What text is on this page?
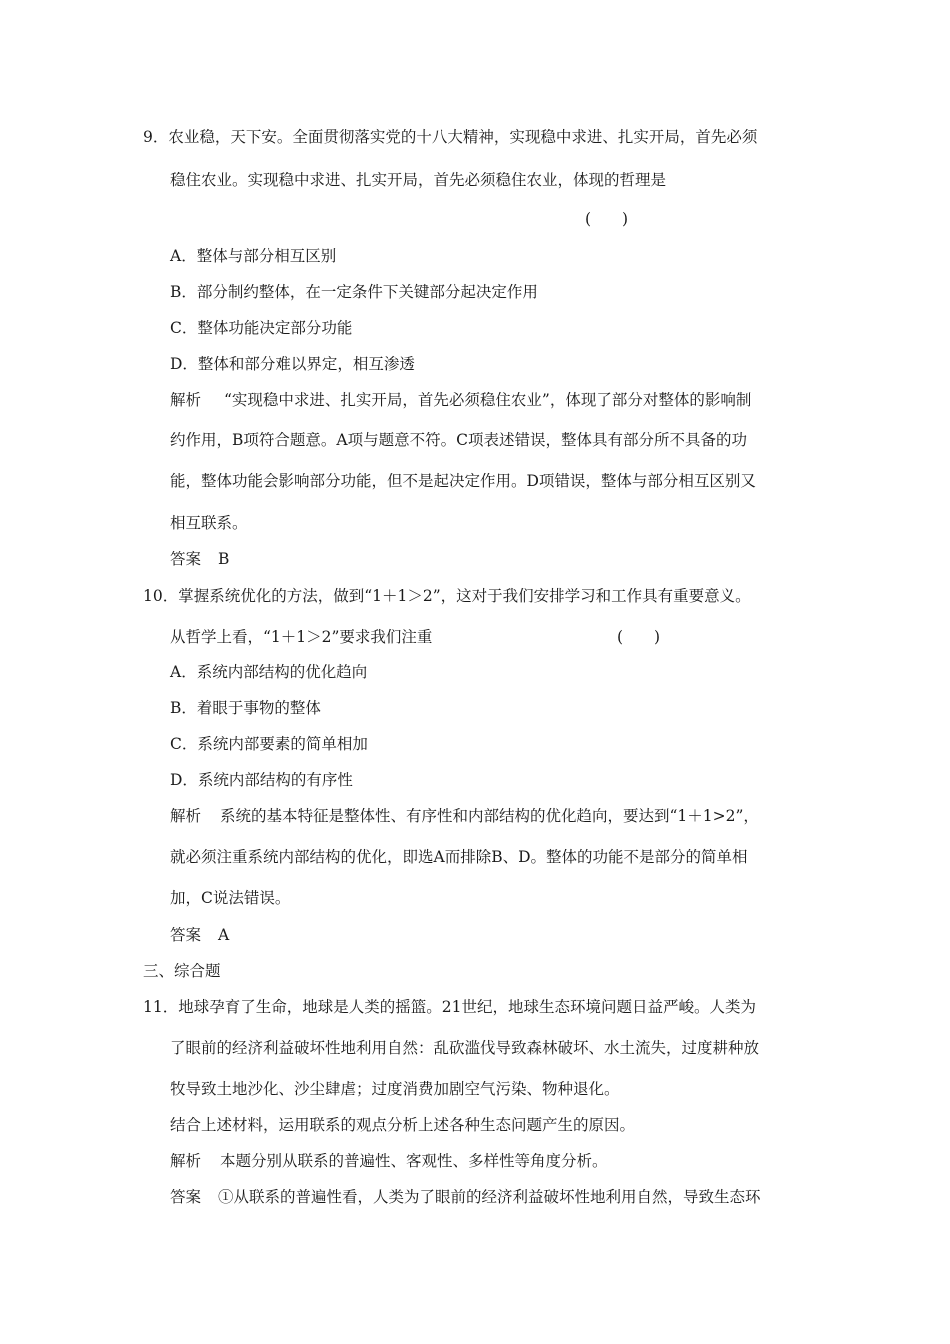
9．农业稳，天下安。全面贯彻落实党的十八大精神，实现稳中求进、扎实开局，首先必须
稳住农业。实现稳中求进、扎实开局，首先必须稳住农业，体现的哲理是
(　　)
A．整体与部分相互区别
B．部分制约整体，在一定条件下关键部分起决定作用
C．整体功能决定部分功能
D．整体和部分难以界定，相互渗透
解析 “实现稳中求进、扎实开局，首先必须稳住农业”，体现了部分对整体的影响制
约作用，B项符合题意。A项与题意不符。C项表述错误，整体具有部分所不具备的功
能，整体功能会影响部分功能，但不是起决定作用。D项错误，整体与部分相互区别又
相互联系。
答案 B
10．掌握系统优化的方法，做到“1＋1＞2”，这对于我们安排学习和工作具有重要意义。
从哲学上看，“1＋1＞2”要求我们注重	(　　)
A．系统内部结构的优化趋向
B．着眼于事物的整体
C．系统内部要素的简单相加
D．系统内部结构的有序性
解析 系统的基本特征是整体性、有序性和内部结构的优化趋向，要达到“1＋1>2”，
就必须注重系统内部结构的优化，即选A而排除B、D。整体的功能不是部分的简单相
加，C说法错误。
答案 A
三、综合题
11．地球孕育了生命，地球是人类的摇篮。21世纪，地球生态环境问题日益严峻。人类为
了眼前的经济利益破坏性地利用自然：乱砍滥伐导致森林破坏、水土流失，过度耕种放
牧导致土地沙化、沙尘肆虐；过度消费加剧空气污染、物种退化。
结合上述材料，运用联系的观点分析上述各种生态问题产生的原因。
解析 本题分别从联系的普遍性、客观性、多样性等角度分析。
答案 ①从联系的普遍性看，人类为了眼前的经济利益破坏性地利用自然，导致生态环
